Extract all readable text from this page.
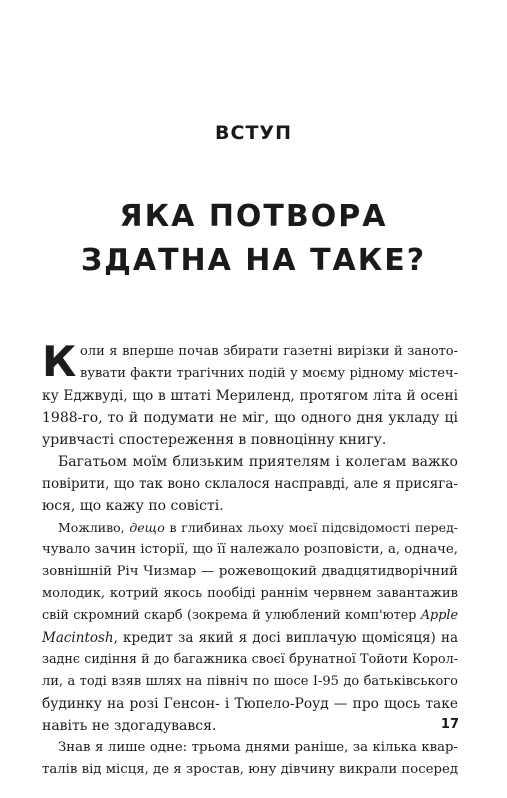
ВСТУП
ЯКА ПОТВОРА
ЗДАТНА НА ТАКЕ?
К оли я вперше почав збирати газетні вирізки й заното-
вувати факти трагічних подій у моєму рідному містеч-
ку Еджвуді, що в штаті Мериленд, протягом літа й осені
1988-го, то й подумати не міг, що одного дня укладу ці
уривчасті спостереження в повноцінну книгу.
Багатьом моїм близьким приятелям і колегам важко
повірити, що так воно склалося насправді, але я присяга-
юся, що кажу по совісті.
Можливо, дещо в глибинах льоху моєї підсвідомості перед-
чувало зачин історії, що її належало розповісти, а, одначе,
зовнішній Річ Чизмар — рожевощокий двадцятидворічний
молодик, котрий якось пообіді раннім червнем завантажив
свій скромний скарб (зокрема й улюблений комп'ютер Apple
Macintosh, кредит за який я досі виплачую щомісяця) на
заднє сидіння й до багажника своєї брунатної Тойоти Корол-
ли, а тоді взяв шлях на північ по шосе І-95 до батьківського
будинку на розі Генсон- і Тюпело-Роуд — про щось таке
навіть не здогадувався.
Знав я лише одне: трьома днями раніше, за кілька квар-
талів від місця, де я зростав, юну дівчину викрали посеред
17
